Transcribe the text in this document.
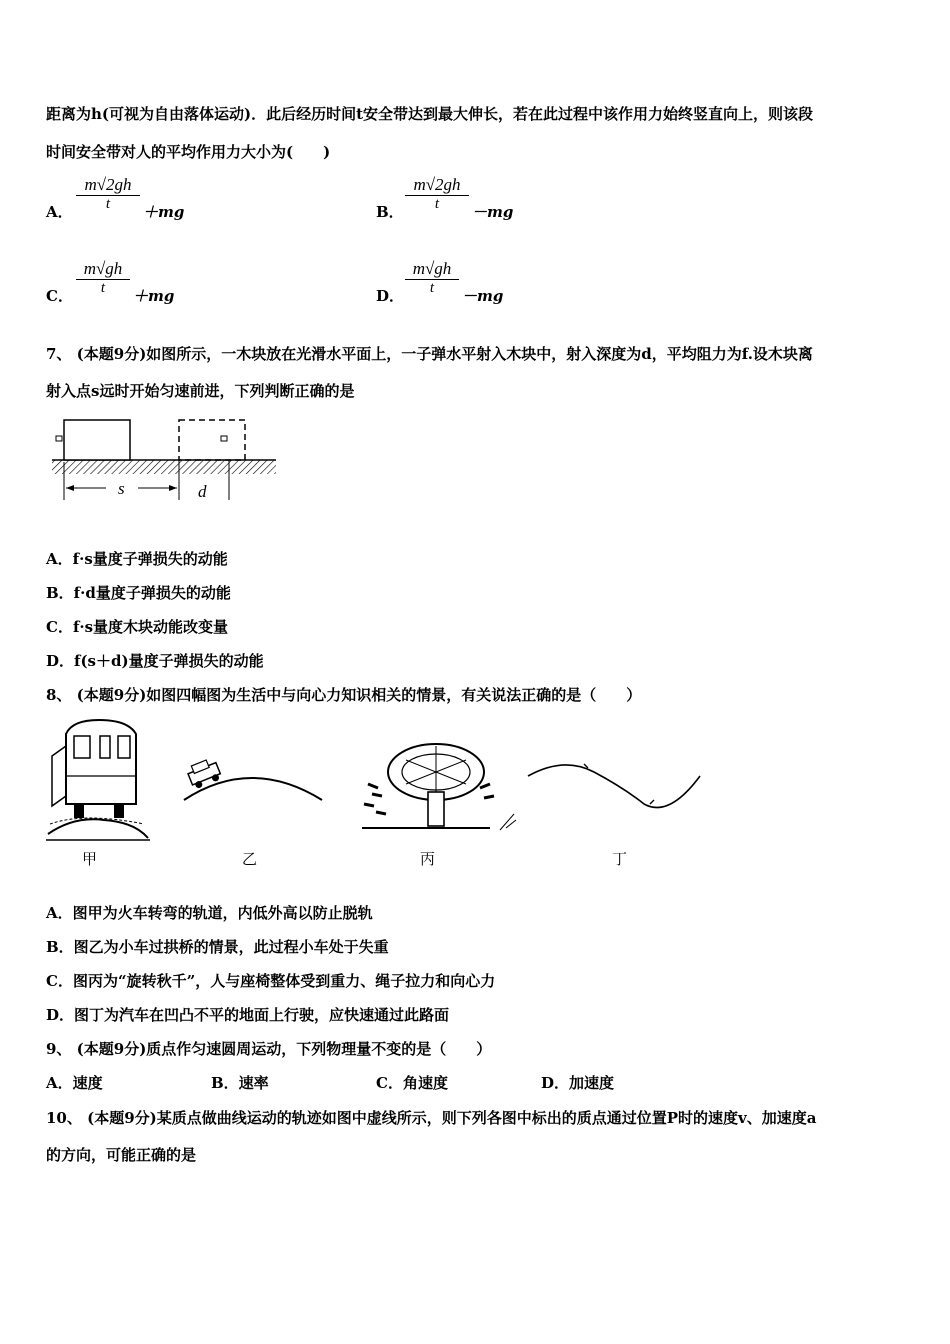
距离为h(可视为自由落体运动)．此后经历时间t安全带达到最大伸长，若在此过程中该作用力始终竖直向上，则该段
时间安全带对人的平均作用力大小为(　　)
A． $\frac{m√2gh}{t} +mg$	B． $\frac{m√2gh}{t} -mg$
C． $\frac{m√gh}{t} +mg$	D． $\frac{m√gh}{t} -mg$
7、 (本题9分)如图所示，一木块放在光滑水平面上，一子弹水平射入木块中，射入深度为d，平均阻力为f.设木块离
射入点s远时开始匀速前进，下列判断正确的是
s	d
A．f·s量度子弹损失的动能
B．f·d量度子弹损失的动能
C．f·s量度木块动能改变量
D．f(s＋d)量度子弹损失的动能
8、 (本题9分)如图四幅图为生活中与向心力知识相关的情景，有关说法正确的是（　　）
甲	乙	丙	丁
A．图甲为火车转弯的轨道，内低外高以防止脱轨
B．图乙为小车过拱桥的情景，此过程小车处于失重
C．图丙为“旋转秋千”，人与座椅整体受到重力、绳子拉力和向心力
D．图丁为汽车在凹凸不平的地面上行驶，应快速通过此路面
9、 (本题9分)质点作匀速圆周运动，下列物理量不变的是（　　）
A．速度	B．速率	C．角速度	D．加速度
10、 (本题9分)某质点做曲线运动的轨迹如图中虚线所示，则下列各图中标出的质点通过位置P时的速度v、加速度a
的方向，可能正确的是
